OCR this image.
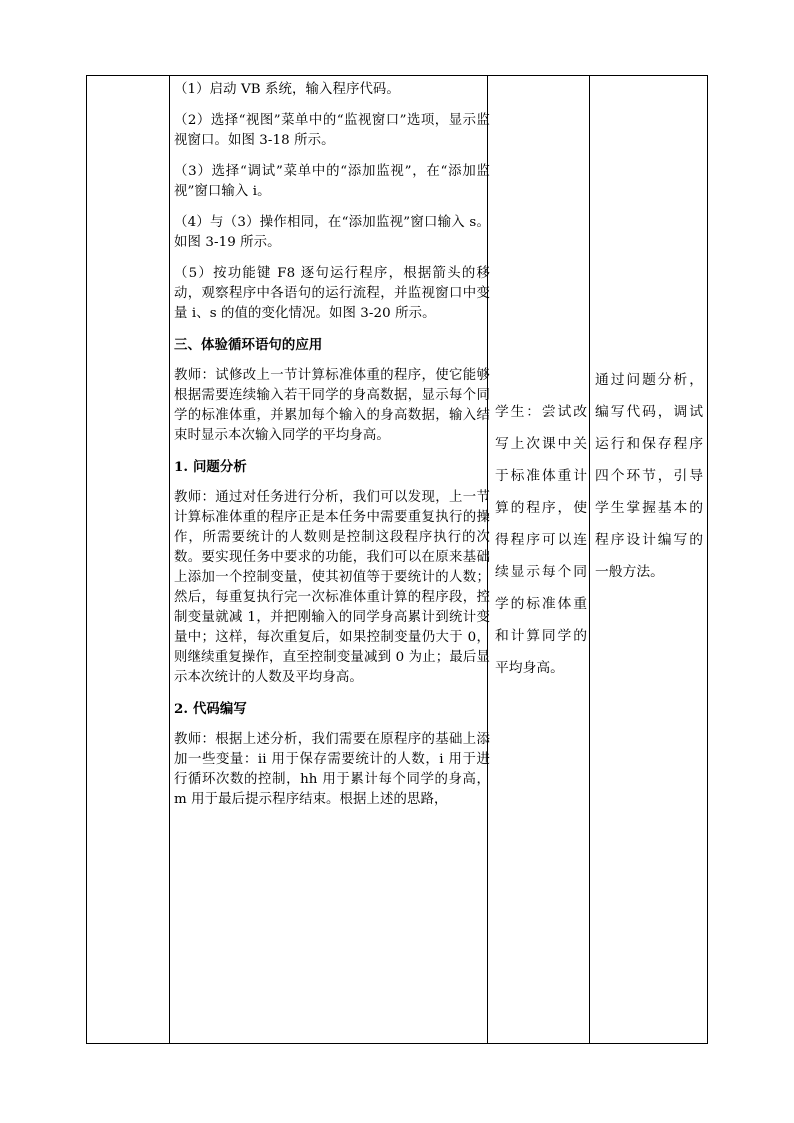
（1）启动 VB 系统，输入程序代码。

（2）选择“视图”菜单中的“监视窗口”选项，显示监视窗口。如图 3-18 所示。

（3）选择“调试”菜单中的“添加监视”，在“添加监视”窗口输入 i。

（4）与（3）操作相同，在“添加监视”窗口输入 s。如图 3-19 所示。

（5）按功能键 F8 逐句运行程序，根据箭头的移动，观察程序中各语句的运行流程，并监视窗口中变量 i、s 的值的变化情况。如图 3-20 所示。

三、体验循环语句的应用

教师：试修改上一节计算标准体重的程序，使它能够根据需要连续输入若干同学的身高数据，显示每个同学的标准体重，并累加每个输入的身高数据，输入结束时显示本次输入同学的平均身高。

1. 问题分析

教师：通过对任务进行分析，我们可以发现，上一节计算标准体重的程序正是本任务中需要重复执行的操作，所需要统计的人数则是控制这段程序执行的次数。要实现任务中要求的功能，我们可以在原来基础上添加一个控制变量，使其初值等于要统计的人数；然后，每重复执行完一次标准体重计算的程序段，控制变量就减 1，并把刚输入的同学身高累计到统计变量中；这样，每次重复后，如果控制变量仍大于 0，则继续重复操作，直至控制变量减到 0 为止；最后显示本次统计的人数及平均身高。

2. 代码编写

教师：根据上述分析，我们需要在原程序的基础上添加一些变量：ii 用于保存需要统计的人数，i 用于进行循环次数的控制，hh 用于累计每个同学的身高，m 用于最后提示程序结束。根据上述的思路，

学生：尝试改写上次课中关于标准体重计算的程序，使得程序可以连续显示每个同学的标准体重和计算同学的平均身高。

通过问题分析，编写代码，调试运行和保存程序四个环节，引导学生掌握基本的程序设计编写的一般方法。
